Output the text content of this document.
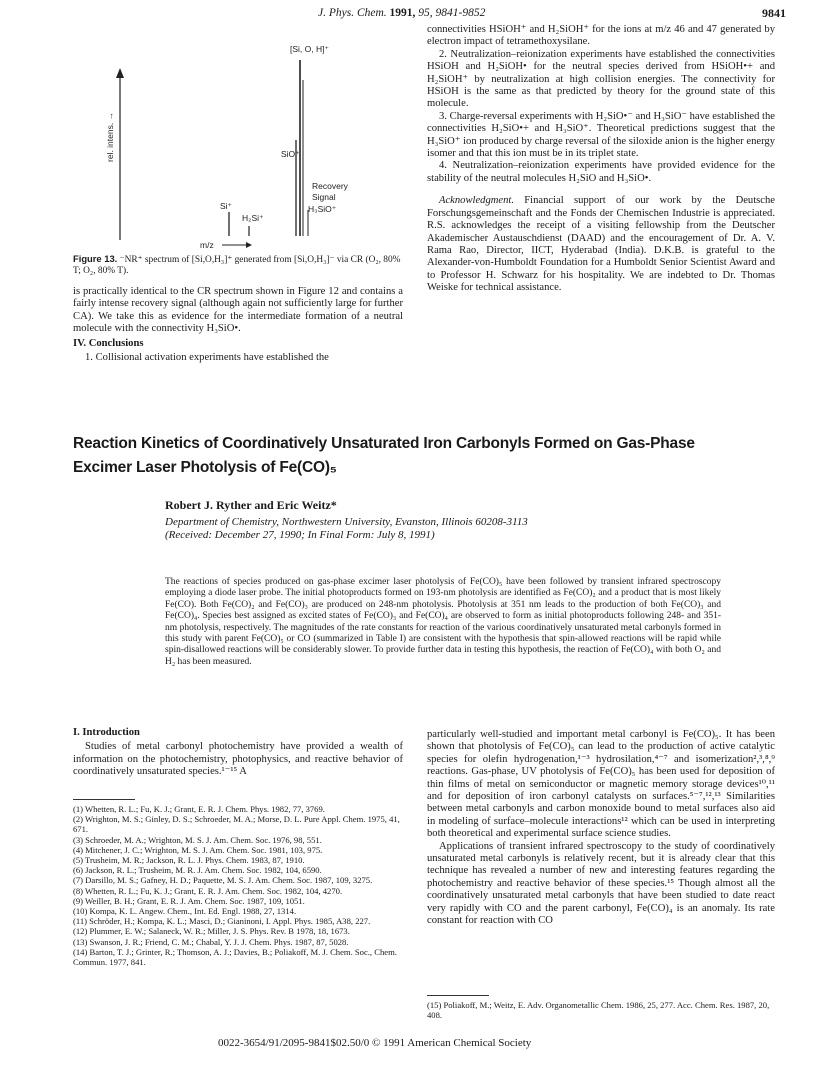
J. Phys. Chem. 1991, 95, 9841-9852	9841
rel. intens. →
[Si, O, H]⁺
SiO⁺
Recovery
Signal
H₃SiO⁺
Si⁺
H₂Si⁺
m/z
Figure 13. ⁻NR⁺ spectrum of [Si,O,H₃]⁺ generated from [Si,O,H₃]⁻ via CR (O₂, 80% T; O₂, 80% T).

is practically identical to the CR spectrum shown in Figure 12 and contains a fairly intense recovery signal (although again not sufficiently large for further CA). We take this as evidence for the intermediate formation of a neutral molecule with the connectivity H₃SiO•.

IV. Conclusions

1. Collisional activation experiments have established the

connectivities HSiOH⁺ and H₂SiOH⁺ for the ions at m/z 46 and 47 generated by electron impact of tetramethoxysilane.

2. Neutralization–reionization experiments have established the connectivities HSiOH and H₂SiOH• for the neutral species derived from HSiOH•+ and H₂SiOH⁺ by neutralization at high collision energies. The connectivity for HSiOH is the same as that predicted by theory for the ground state of this molecule.

3. Charge-reversal experiments with H₂SiO•⁻ and H₃SiO⁻ have established the connectivities H₂SiO•+ and H₃SiO⁺. Theoretical predictions suggest that the H₃SiO⁺ ion produced by charge reversal of the siloxide anion is the higher energy isomer and that this ion must be in its triplet state.

4. Neutralization–reionization experiments have provided evidence for the stability of the neutral molecules H₂SiO and H₃SiO•.

Acknowledgment. Financial support of our work by the Deutsche Forschungsgemeinschaft and the Fonds der Chemischen Industrie is appreciated. R.S. acknowledges the receipt of a visiting fellowship from the Deutscher Akademischer Austauschdienst (DAAD) and the encouragement of Dr. A. V. Rama Rao, Director, IICT, Hyderabad (India). D.K.B. is grateful to the Alexander-von-Humboldt Foundation for a Humboldt Senior Scientist Award and to Professor H. Schwarz for his hospitality. We are indebted to Dr. Thomas Weiske for technical assistance.

Reaction Kinetics of Coordinatively Unsaturated Iron Carbonyls Formed on Gas-Phase
Excimer Laser Photolysis of Fe(CO)₅
Robert J. Ryther and Eric Weitz*
Department of Chemistry, Northwestern University, Evanston, Illinois 60208-3113
(Received: December 27, 1990; In Final Form: July 8, 1991)
The reactions of species produced on gas-phase excimer laser photolysis of Fe(CO)₅ have been followed by transient infrared spectroscopy employing a diode laser probe. The initial photoproducts formed on 193-nm photolysis are identified as Fe(CO)₂ and a product that is most likely Fe(CO). Both Fe(CO)₂ and Fe(CO)₃ are produced on 248-nm photolysis. Photolysis at 351 nm leads to the production of both Fe(CO)₃ and Fe(CO)₄. Species best assigned as excited states of Fe(CO)₃ and Fe(CO)₄ are observed to form as initial photoproducts following 248- and 351-nm photolysis, respectively. The magnitudes of the rate constants for reaction of the various coordinatively unsaturated metal carbonyls formed in this study with parent Fe(CO)₅ or CO (summarized in Table I) are consistent with the hypothesis that spin-allowed reactions will be rapid while spin-disallowed reactions will be considerably slower. To provide further data in testing this hypothesis, the reaction of Fe(CO)₄ with both O₂ and H₂ has been measured.
I. Introduction

Studies of metal carbonyl photochemistry have provided a wealth of information on the photochemistry, photophysics, and reactive behavior of coordinatively unsaturated species.¹⁻¹⁵ A

(1) Whetten, R. L.; Fu, K. J.; Grant, E. R. J. Chem. Phys. 1982, 77, 3769.
(2) Wrighton, M. S.; Ginley, D. S.; Schroeder, M. A.; Morse, D. L. Pure Appl. Chem. 1975, 41, 671.
(3) Schroeder, M. A.; Wrighton, M. S. J. Am. Chem. Soc. 1976, 98, 551.
(4) Mitchener, J. C.; Wrighton, M. S. J. Am. Chem. Soc. 1981, 103, 975.
(5) Trusheim, M. R.; Jackson, R. L. J. Phys. Chem. 1983, 87, 1910.
(6) Jackson, R. L.; Trusheim, M. R. J. Am. Chem. Soc. 1982, 104, 6590.
(7) Darsillo, M. S.; Gafney, H. D.; Paquette, M. S. J. Am. Chem. Soc. 1987, 109, 3275.
(8) Whetten, R. L.; Fu, K. J.; Grant, E. R. J. Am. Chem. Soc. 1982, 104, 4270.
(9) Weiller, B. H.; Grant, E. R. J. Am. Chem. Soc. 1987, 109, 1051.
(10) Kompa, K. L. Angew. Chem., Int. Ed. Engl. 1988, 27, 1314.
(11) Schröder, H.; Kompa, K. L.; Masci, D.; Gianinoni, I. Appl. Phys. 1985, A38, 227.
(12) Plummer, E. W.; Salaneck, W. R.; Miller, J. S. Phys. Rev. B 1978, 18, 1673.
(13) Swanson, J. R.; Friend, C. M.; Chabal, Y. J. J. Chem. Phys. 1987, 87, 5028.
(14) Barton, T. J.; Grinter, R.; Thomson, A. J.; Davies, B.; Poliakoff, M. J. Chem. Soc., Chem. Commun. 1977, 841.

particularly well-studied and important metal carbonyl is Fe(CO)₅. It has been shown that photolysis of Fe(CO)₅ can lead to the production of active catalytic species for olefin hydrogenation,¹⁻³ hydrosilation,⁴⁻⁷ and isomerization²,³,⁸,⁹ reactions. Gas-phase, UV photolysis of Fe(CO)₅ has been used for deposition of thin films of metal on semiconductor or magnetic memory storage devices¹⁰,¹¹ and for deposition of iron carbonyl catalysts on surfaces.⁵⁻⁷,¹²,¹³ Similarities between metal carbonyls and carbon monoxide bound to metal surfaces also aid in modeling of surface–molecule interactions¹² which can be used in interpreting both theoretical and experimental surface science studies.

Applications of transient infrared spectroscopy to the study of coordinatively unsaturated metal carbonyls is relatively recent, but it is already clear that this technique has revealed a number of new and interesting features regarding the photochemistry and reactive behavior of these species.¹⁵ Though almost all the coordinatively unsaturated metal carbonyls that have been studied to date react very rapidly with CO and the parent carbonyl, Fe(CO)₄ is an anomaly. Its rate constant for reaction with CO

(15) Poliakoff, M.; Weitz, E. Adv. Organometallic Chem. 1986, 25, 277. Acc. Chem. Res. 1987, 20, 408.
0022-3654/91/2095-9841$02.50/0 © 1991 American Chemical Society
